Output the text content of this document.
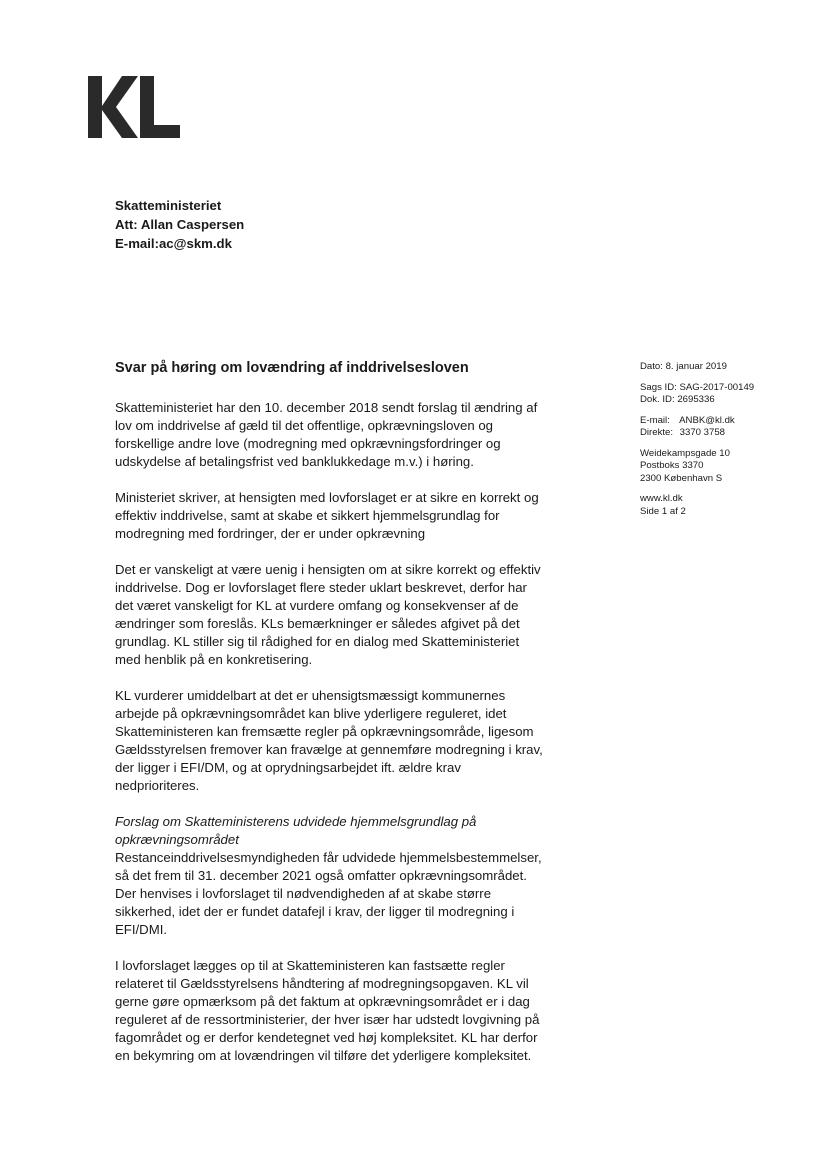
Skatteministeriet
Att: Allan Caspersen
E-mail:ac@skm.dk
Svar på høring om lovændring af inddrivelsesloven	Dato: 8. januar 2019
Sags ID: SAG-2017-00149
Dok. ID: 2695336
E-mail: ANBK@kl.dk
Direkte: 3370 3758
Weidekampsgade 10
Postboks 3370
2300 København S
www.kl.dk
Side 1 af 2

Skatteministeriet har den 10. december 2018 sendt forslag til ændring af
lov om inddrivelse af gæld til det offentlige, opkrævningsloven og
forskellige andre love (modregning med opkrævningsfordringer og
udskydelse af betalingsfrist ved banklukkedage m.v.) i høring.

Ministeriet skriver, at hensigten med lovforslaget er at sikre en korrekt og
effektiv inddrivelse, samt at skabe et sikkert hjemmelsgrundlag for
modregning med fordringer, der er under opkrævning

Det er vanskeligt at være uenig i hensigten om at sikre korrekt og effektiv
inddrivelse. Dog er lovforslaget flere steder uklart beskrevet, derfor har
det været vanskeligt for KL at vurdere omfang og konsekvenser af de
ændringer som foreslås. KLs bemærkninger er således afgivet på det
grundlag. KL stiller sig til rådighed for en dialog med Skatteministeriet
med henblik på en konkretisering.

KL vurderer umiddelbart at det er uhensigtsmæssigt kommunernes
arbejde på opkrævningsområdet kan blive yderligere reguleret, idet
Skatteministeren kan fremsætte regler på opkrævningsområde, ligesom
Gældsstyrelsen fremover kan fravælge at gennemføre modregning i krav,
der ligger i EFI/DM, og at oprydningsarbejdet ift. ældre krav
nedprioriteres.

Forslag om Skatteministerens udvidede hjemmelsgrundlag på
opkrævningsområdet
Restanceinddrivelsesmyndigheden får udvidede hjemmelsbestemmelser,
så det frem til 31. december 2021 også omfatter opkrævningsområdet.
Der henvises i lovforslaget til nødvendigheden af at skabe større
sikkerhed, idet der er fundet datafejl i krav, der ligger til modregning i
EFI/DMI.

I lovforslaget lægges op til at Skatteministeren kan fastsætte regler
relateret til Gældsstyrelsens håndtering af modregningsopgaven. KL vil
gerne gøre opmærksom på det faktum at opkrævningsområdet er i dag
reguleret af de ressortministerier, der hver især har udstedt lovgivning på
fagområdet og er derfor kendetegnet ved høj kompleksitet. KL har derfor
en bekymring om at lovændringen vil tilføre det yderligere kompleksitet.
